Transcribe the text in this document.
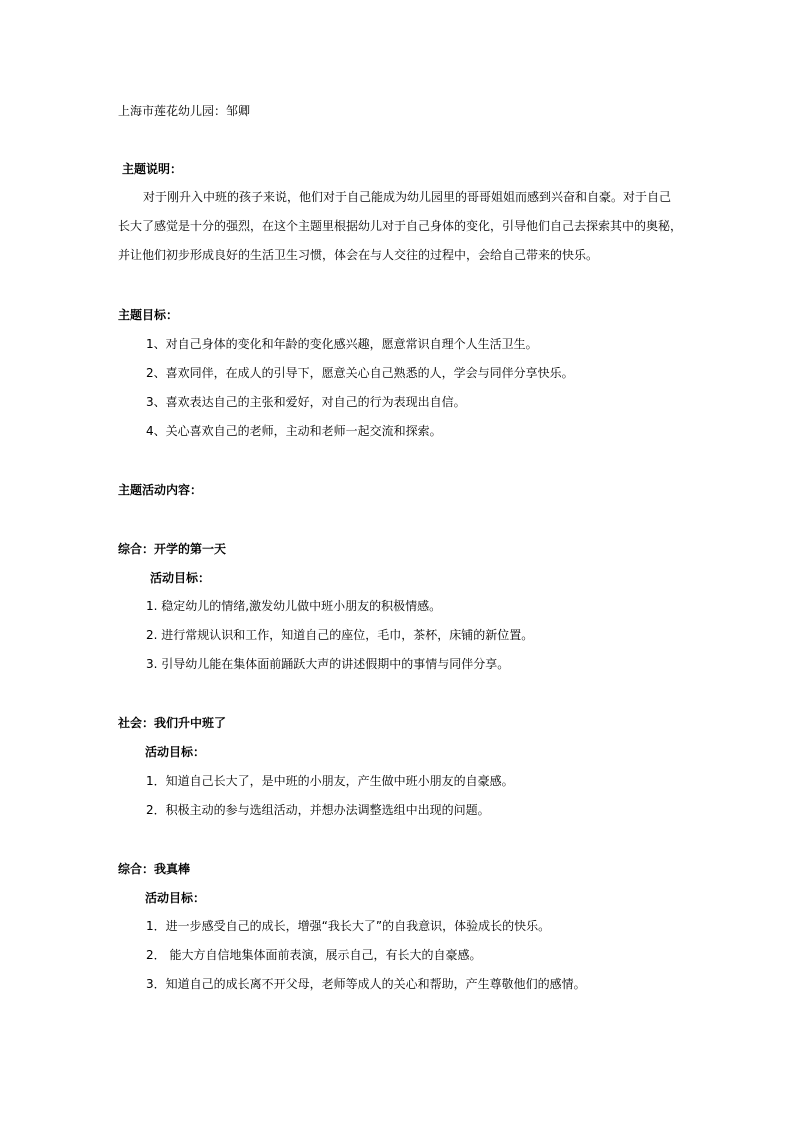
上海市莲花幼儿园：邹卿
主题说明：
对于刚升入中班的孩子来说，他们对于自己能成为幼儿园里的哥哥姐姐而感到兴奋和自豪。对于自己
长大了感觉是十分的强烈，在这个主题里根据幼儿对于自己身体的变化，引导他们自己去探索其中的奥秘，
并让他们初步形成良好的生活卫生习惯，体会在与人交往的过程中，会给自己带来的快乐。
主题目标：
1、对自己身体的变化和年龄的变化感兴趣，愿意常识自理个人生活卫生。
2、喜欢同伴，在成人的引导下，愿意关心自己熟悉的人，学会与同伴分享快乐。
3、喜欢表达自己的主张和爱好，对自己的行为表现出自信。
4、关心喜欢自己的老师，主动和老师一起交流和探索。
主题活动内容：
综合：开学的第一天
活动目标：
1. 稳定幼儿的情绪,激发幼儿做中班小朋友的积极情感。
2. 进行常规认识和工作，知道自己的座位，毛巾，茶杯，床铺的新位置。
3. 引导幼儿能在集体面前踊跃大声的讲述假期中的事情与同伴分享。
社会：我们升中班了
活动目标：
1．知道自己长大了，是中班的小朋友，产生做中班小朋友的自豪感。
2．积极主动的参与选组活动，并想办法调整选组中出现的问题。
综合：我真棒
活动目标：
1．进一步感受自己的成长，增强“我长大了”的自我意识，体验成长的快乐。
2． 能大方自信地集体面前表演，展示自己，有长大的自豪感。
3．知道自己的成长离不开父母，老师等成人的关心和帮助，产生尊敬他们的感情。
